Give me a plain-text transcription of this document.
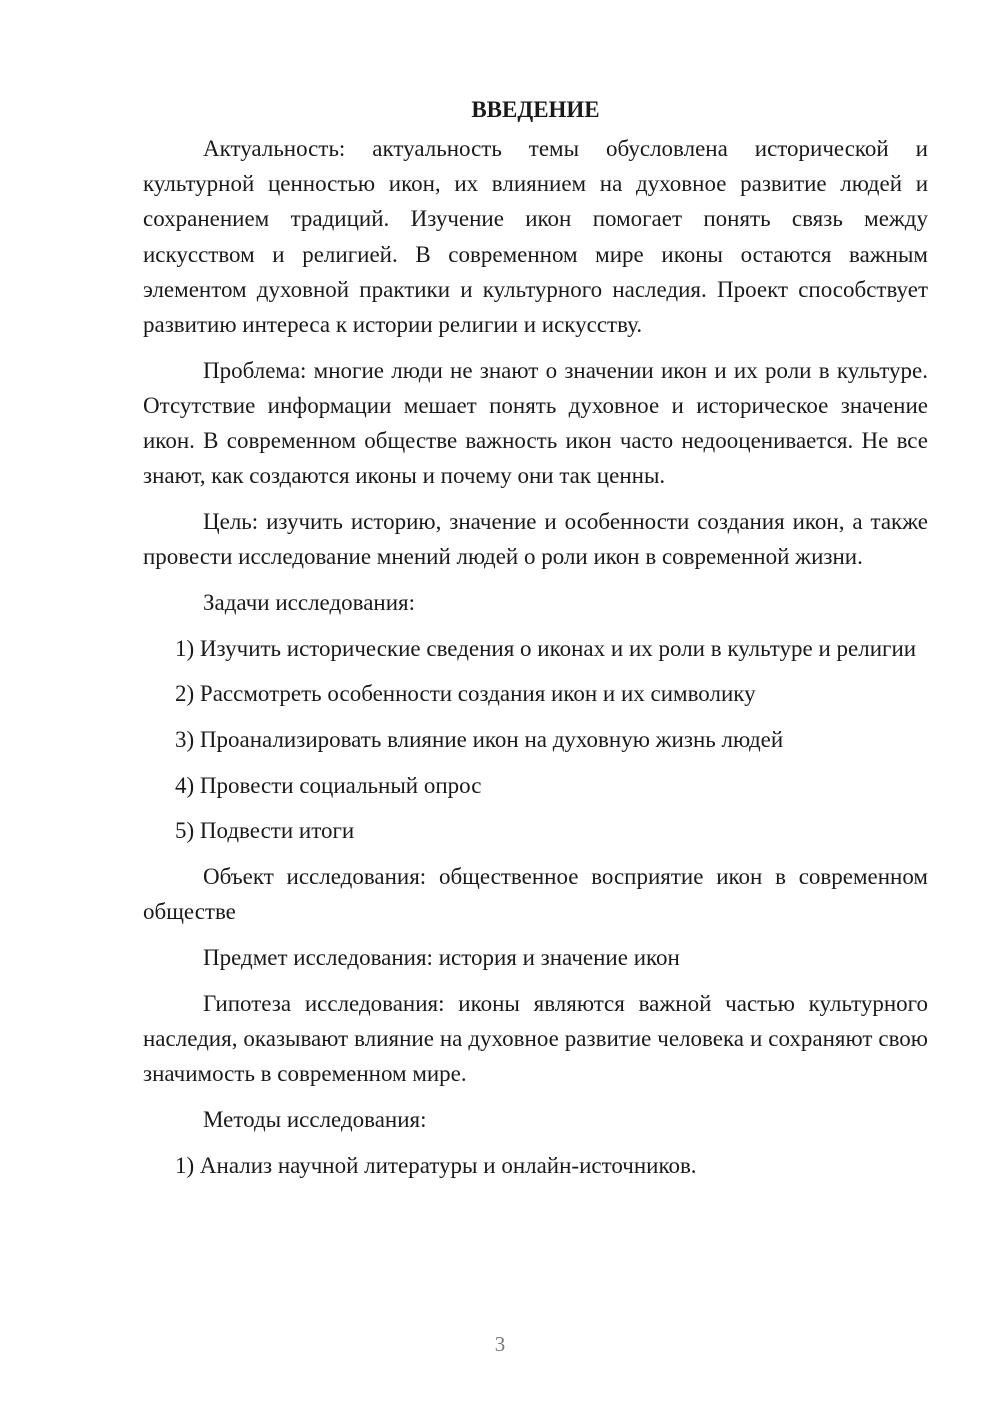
ВВЕДЕНИЕ

Актуальность: актуальность темы обусловлена исторической и культурной ценностью икон, их влиянием на духовное развитие людей и сохранением традиций. Изучение икон помогает понять связь между искусством и религией. В современном мире иконы остаются важным элементом духовной практики и культурного наследия. Проект способствует развитию интереса к истории религии и искусству.

Проблема: многие люди не знают о значении икон и их роли в культуре. Отсутствие информации мешает понять духовное и историческое значение икон. В современном обществе важность икон часто недооценивается. Не все знают, как создаются иконы и почему они так ценны.

Цель: изучить историю, значение и особенности создания икон, а также провести исследование мнений людей о роли икон в современной жизни.

Задачи исследования:

1) Изучить исторические сведения о иконах и их роли в культуре и религии

2) Рассмотреть особенности создания икон и их символику

3) Проанализировать влияние икон на духовную жизнь людей

4) Провести социальный опрос

5) Подвести итоги

Объект исследования: общественное восприятие икон в современном обществе

Предмет исследования: история и значение икон

Гипотеза исследования: иконы являются важной частью культурного наследия, оказывают влияние на духовное развитие человека и сохраняют свою значимость в современном мире.

Методы исследования:

1) Анализ научной литературы и онлайн-источников.

3
